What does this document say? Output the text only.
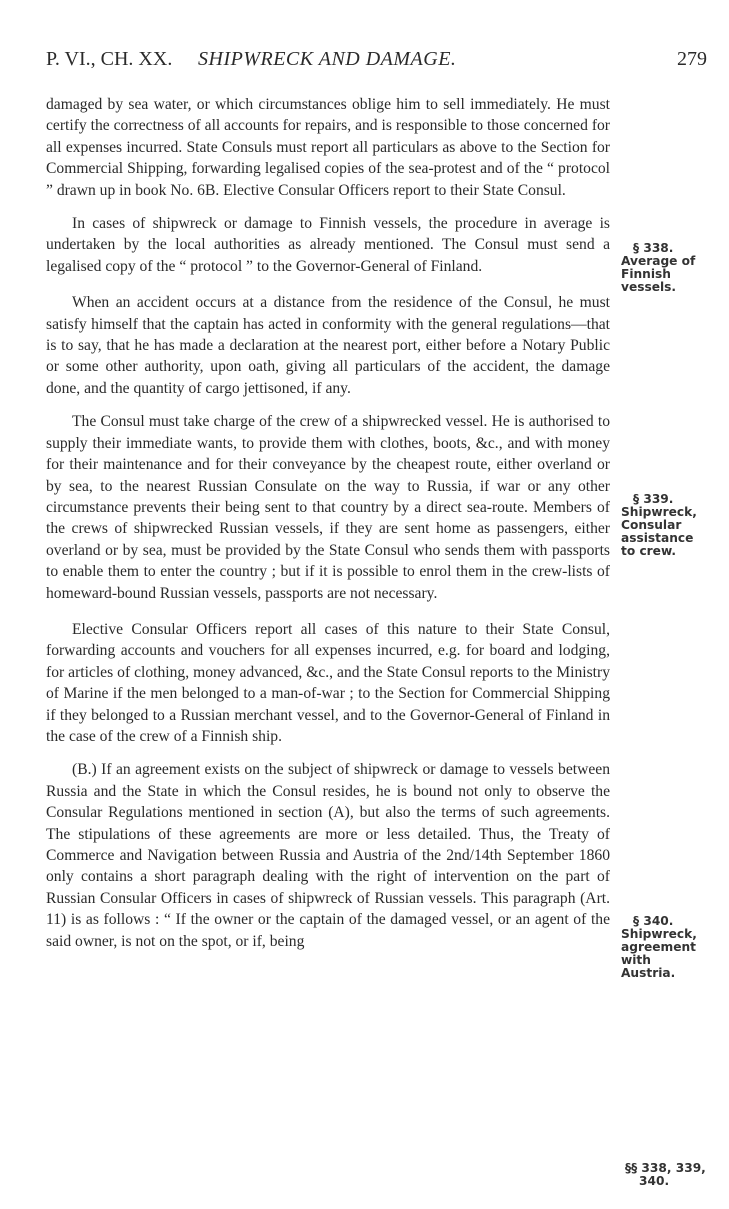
P. VI., CH. XX. SHIPWRECK AND DAMAGE.	279

damaged by sea water, or which circumstances oblige him to sell immediately. He must certify the correctness of all accounts for repairs, and is responsible to those concerned for all expenses incurred. State Consuls must report all particulars as above to the Section for Commercial Shipping, forwarding legalised copies of the sea-protest and of the “ protocol ” drawn up in book No. 6B. Elective Consular Officers report to their State Consul.

In cases of shipwreck or damage to Finnish vessels, the procedure in average is undertaken by the local authorities as already mentioned. The Consul must send a legalised copy of the “ protocol ” to the Governor-General of Finland.

When an accident occurs at a distance from the residence of the Consul, he must satisfy himself that the captain has acted in conformity with the general regulations—that is to say, that he has made a declaration at the nearest port, either before a Notary Public or some other authority, upon oath, giving all particulars of the accident, the damage done, and the quantity of cargo jettisoned, if any.

The Consul must take charge of the crew of a shipwrecked vessel. He is authorised to supply their immediate wants, to provide them with clothes, boots, &c., and with money for their maintenance and for their conveyance by the cheapest route, either overland or by sea, to the nearest Russian Consulate on the way to Russia, if war or any other circumstance prevents their being sent to that country by a direct sea-route. Members of the crews of shipwrecked Russian vessels, if they are sent home as passengers, either overland or by sea, must be provided by the State Consul who sends them with passports to enable them to enter the country ; but if it is possible to enrol them in the crew-lists of homeward-bound Russian vessels, passports are not necessary.

Elective Consular Officers report all cases of this nature to their State Consul, forwarding accounts and vouchers for all expenses incurred, e.g. for board and lodging, for articles of clothing, money advanced, &c., and the State Consul reports to the Ministry of Marine if the men belonged to a man-of-war ; to the Section for Commercial Shipping if they belonged to a Russian merchant vessel, and to the Governor-General of Finland in the case of the crew of a Finnish ship.

(B.) If an agreement exists on the subject of shipwreck or damage to vessels between Russia and the State in which the Consul resides, he is bound not only to observe the Consular Regulations mentioned in section (A), but also the terms of such agreements. The stipulations of these agreements are more or less detailed. Thus, the Treaty of Commerce and Navigation between Russia and Austria of the 2nd/14th September 1860 only contains a short paragraph dealing with the right of intervention on the part of Russian Consular Officers in cases of shipwreck of Russian vessels. This paragraph (Art. 11) is as follows : “ If the owner or the captain of the damaged vessel, or an agent of the said owner, is not on the spot, or if, being

§ 338.
Average of
Finnish
vessels.
§ 339.
Shipwreck,
Consular
assistance
to crew.
§ 340.
Shipwreck,
agreement
with
Austria.
§§ 338, 339,
340.
